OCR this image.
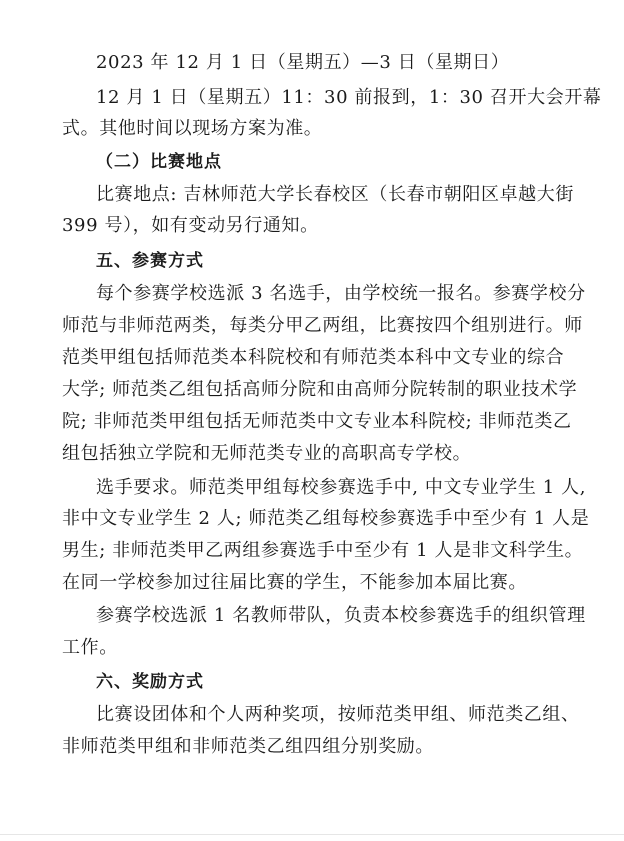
2023 年 12 月 1 日（星期五）—3 日（星期日）
12 月 1 日（星期五）11：30 前报到，1：30 召开大会开幕
式。其他时间以现场方案为准。
（二）比赛地点
比赛地点: 吉林师范大学长春校区（长春市朝阳区卓越大街
399 号），如有变动另行通知。
五、参赛方式
每个参赛学校选派 3 名选手，由学校统一报名。参赛学校分
师范与非师范两类，每类分甲乙两组，比赛按四个组别进行。师
范类甲组包括师范类本科院校和有师范类本科中文专业的综合
大学; 师范类乙组包括高师分院和由高师分院转制的职业技术学
院; 非师范类甲组包括无师范类中文专业本科院校; 非师范类乙
组包括独立学院和无师范类专业的高职高专学校。
选手要求。师范类甲组每校参赛选手中, 中文专业学生 1 人,
非中文专业学生 2 人; 师范类乙组每校参赛选手中至少有 1 人是
男生; 非师范类甲乙两组参赛选手中至少有 1 人是非文科学生。
在同一学校参加过往届比赛的学生，不能参加本届比赛。
参赛学校选派 1 名教师带队，负责本校参赛选手的组织管理
工作。
六、奖励方式
比赛设团体和个人两种奖项，按师范类甲组、师范类乙组、
非师范类甲组和非师范类乙组四组分别奖励。
